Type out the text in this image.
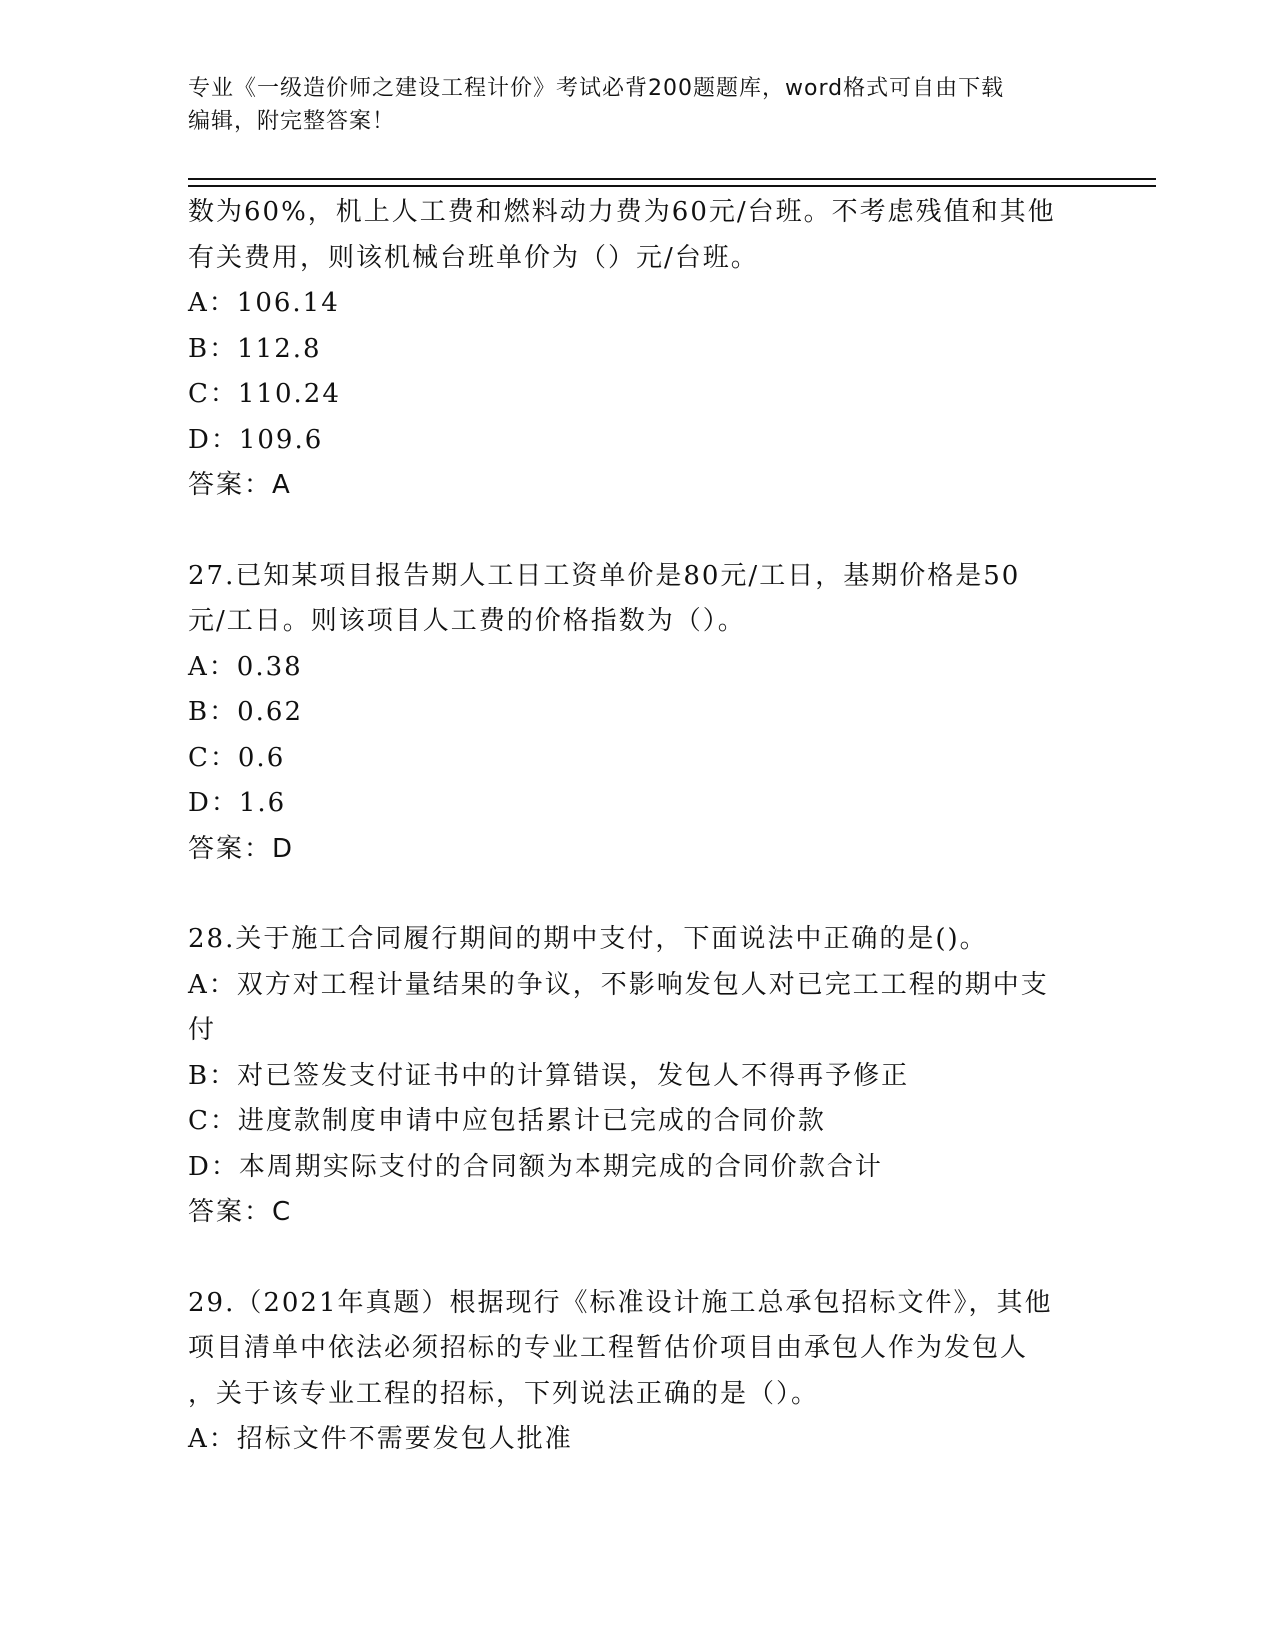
专业《一级造价师之建设工程计价》考试必背200题题库，word格式可自由下载
编辑，附完整答案！
数为60%，机上人工费和燃料动力费为60元/台班。不考虑残值和其他
有关费用，则该机械台班单价为（）元/台班。
A：106.14
B：112.8
C：110.24
D：109.6
答案：A
27.已知某项目报告期人工日工资单价是80元/工日，基期价格是50
元/工日。则该项目人工费的价格指数为（）。
A：0.38
B：0.62
C：0.6
D：1.6
答案：D
28.关于施工合同履行期间的期中支付，下面说法中正确的是()。
A：双方对工程计量结果的争议，不影响发包人对已完工工程的期中支
付
B：对已签发支付证书中的计算错误，发包人不得再予修正
C：进度款制度申请中应包括累计已完成的合同价款
D：本周期实际支付的合同额为本期完成的合同价款合计
答案：C
29.（2021年真题）根据现行《标准设计施工总承包招标文件》，其他
项目清单中依法必须招标的专业工程暂估价项目由承包人作为发包人
，关于该专业工程的招标，下列说法正确的是（）。
A：招标文件不需要发包人批准
